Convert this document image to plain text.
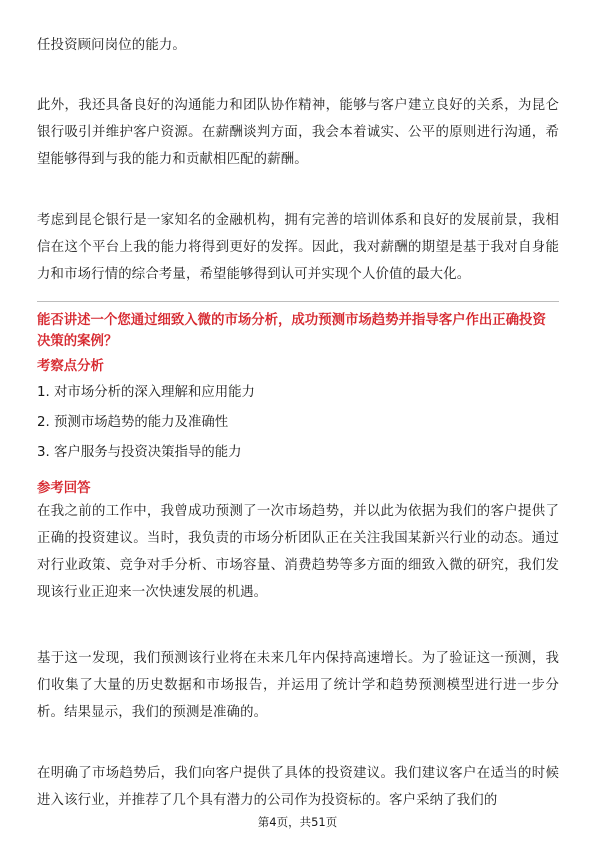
任投资顾问岗位的能力。

此外，我还具备良好的沟通能力和团队协作精神，能够与客户建立良好的关系，为昆仑银行吸引并维护客户资源。在薪酬谈判方面，我会本着诚实、公平的原则进行沟通，希望能够得到与我的能力和贡献相匹配的薪酬。

考虑到昆仑银行是一家知名的金融机构，拥有完善的培训体系和良好的发展前景，我相信在这个平台上我的能力将得到更好的发挥。因此，我对薪酬的期望是基于我对自身能力和市场行情的综合考量，希望能够得到认可并实现个人价值的最大化。

能否讲述一个您通过细致入微的市场分析，成功预测市场趋势并指导客户作出正确投资决策的案例？

考察点分析

1. 对市场分析的深入理解和应用能力

2. 预测市场趋势的能力及准确性

3. 客户服务与投资决策指导的能力

参考回答

在我之前的工作中，我曾成功预测了一次市场趋势，并以此为依据为我们的客户提供了正确的投资建议。当时，我负责的市场分析团队正在关注我国某新兴行业的动态。通过对行业政策、竞争对手分析、市场容量、消费趋势等多方面的细致入微的研究，我们发现该行业正迎来一次快速发展的机遇。

基于这一发现，我们预测该行业将在未来几年内保持高速增长。为了验证这一预测，我们收集了大量的历史数据和市场报告，并运用了统计学和趋势预测模型进行进一步分析。结果显示，我们的预测是准确的。

在明确了市场趋势后，我们向客户提供了具体的投资建议。我们建议客户在适当的时候进入该行业，并推荐了几个具有潜力的公司作为投资标的。客户采纳了我们的

第4页，共51页
